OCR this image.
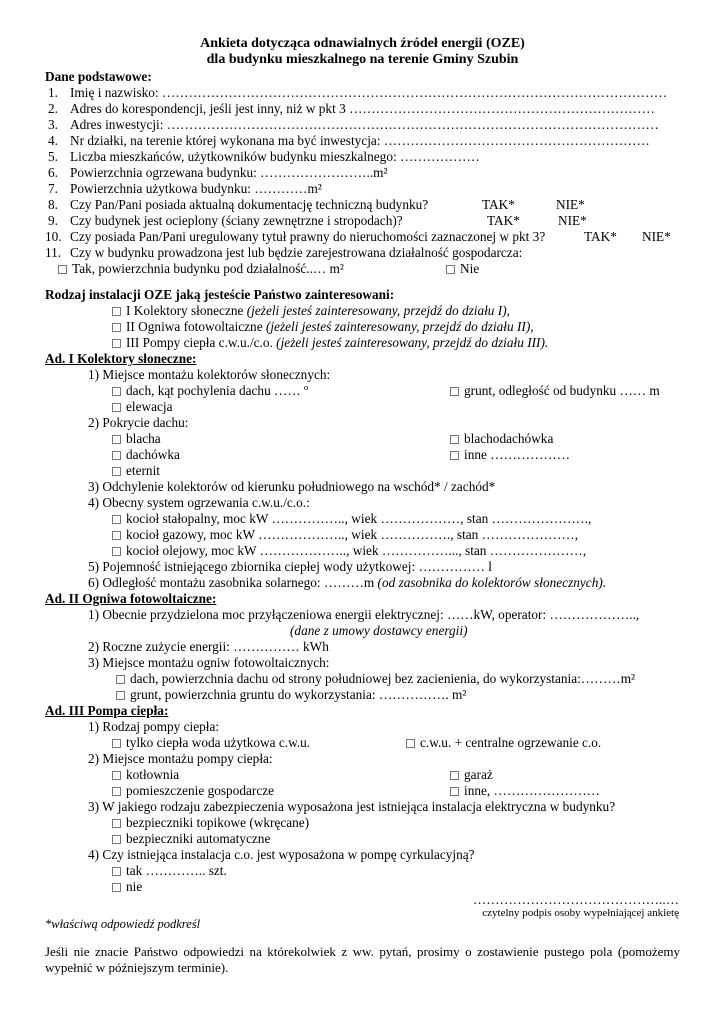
Ankieta dotycząca odnawialnych źródeł energii (OZE)
dla budynku mieszkalnego na terenie Gminy Szubin
Dane podstawowe:
1. Imię i nazwisko: ……………………………………………………………………………………………………
2. Adres do korespondencji, jeśli jest inny, niż w pkt 3 ……………………………………………………………
3. Adres inwestycji: …………………………………………………………………………………………………
4. Nr działki, na terenie której wykonana ma być inwestycja: ……………………………………………………
5. Liczba mieszkańców, użytkowników budynku mieszkalnego: ………………
6. Powierzchnia ogrzewana budynku: ……………………..m²
7. Powierzchnia użytkowa budynku: …………m²
8. Czy Pan/Pani posiada aktualną dokumentację techniczną budynku?	TAK*	NIE*
9. Czy budynek jest ocieplony (ściany zewnętrzne i stropodach)?	TAK*	NIE*
10. Czy posiada Pan/Pani uregulowany tytuł prawny do nieruchomości zaznaczonej w pkt 3?	TAK* NIE*
11. Czy w budynku prowadzona jest lub będzie zarejestrowana działalność gospodarcza:
Tak, powierzchnia budynku pod działalność..… m²	Nie
Rodzaj instalacji OZE jaką jesteście Państwo zainteresowani:
I Kolektory słoneczne (jeżeli jesteś zainteresowany, przejdź do działu I),
II Ogniwa fotowoltaiczne (jeżeli jesteś zainteresowany, przejdź do działu II),
III Pompy ciepła c.w.u./c.o. (jeżeli jesteś zainteresowany, przejdź do działu III).
Ad. I Kolektory słoneczne:
1) Miejsce montażu kolektorów słonecznych:
dach, kąt pochylenia dachu …… º	grunt, odległość od budynku …… m
elewacja
2) Pokrycie dachu:
blacha	blachodachówka
dachówka	inne ………………
eternit
3) Odchylenie kolektorów od kierunku południowego na wschód* / zachód*
4) Obecny system ogrzewania c.w.u./c.o.:
kocioł stałopalny, moc kW …………….., wiek ………………, stan ………………….,
kocioł gazowy, moc kW ……………….., wiek ……………., stan …………………,
kocioł olejowy, moc kW ……………….., wiek ……………..., stan …………………,
5) Pojemność istniejącego zbiornika ciepłej wody użytkowej: …………… l
6) Odległość montażu zasobnika solarnego: ………m (od zasobnika do kolektorów słonecznych).
Ad. II Ogniwa fotowoltaiczne:
1) Obecnie przydzielona moc przyłączeniowa energii elektrycznej: ……kW, operator: ………………..,
(dane z umowy dostawcy energii)
2) Roczne zużycie energii: …………… kWh
3) Miejsce montażu ogniw fotowoltaicznych:
dach, powierzchnia dachu od strony południowej bez zacienienia, do wykorzystania:………m²
grunt, powierzchnia gruntu do wykorzystania: ……………. m²
Ad. III Pompa ciepła:
1) Rodzaj pompy ciepła:
tylko ciepła woda użytkowa c.w.u.	c.w.u. + centralne ogrzewanie c.o.
2) Miejsce montażu pompy ciepła:
kotłownia	garaż
pomieszczenie gospodarcze	inne, ……………………
3) W jakiego rodzaju zabezpieczenia wyposażona jest istniejąca instalacja elektryczna w budynku?
bezpieczniki topikowe (wkręcane)
bezpieczniki automatyczne
4) Czy istniejąca instalacja c.o. jest wyposażona w pompę cyrkulacyjną?
tak ………….. szt.
nie
……………………………………..…
czytelny podpis osoby wypełniającej ankietę
*właściwą odpowiedź podkreśl
Jeśli nie znacie Państwo odpowiedzi na którekolwiek z ww. pytań, prosimy o zostawienie pustego pola (pomożemy wypełnić w późniejszym terminie).
